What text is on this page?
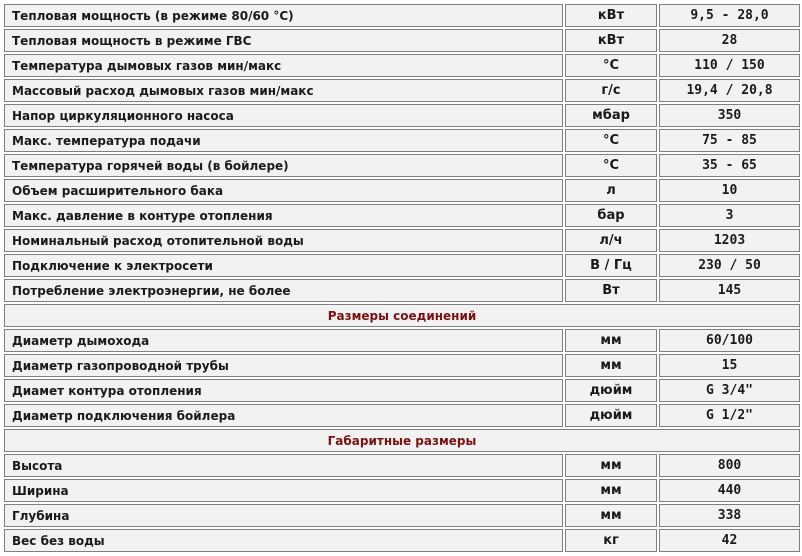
Тепловая мощность (в режиме 80/60 °С)	кВт	9,5 - 28,0
Тепловая мощность в режиме ГВС	кВт	28
Температура дымовых газов мин/макс	°С	110 / 150
Массовый расход дымовых газов мин/макс	г/с	19,4 / 20,8
Напор циркуляционного насоса	мбар	350
Макс. температура подачи	°С	75 - 85
Температура горячей воды (в бойлере)	°С	35 - 65
Объем расширительного бака	л	10
Макс. давление в контуре отопления	бар	3
Номинальный расход отопительной воды	л/ч	1203
Подключение к электросети	В / Гц	230 / 50
Потребление электроэнергии, не более	Вт	145
Размеры соединений		
Диаметр дымохода	мм	60/100
Диаметр газопроводной трубы	мм	15
Диамет контура отопления	дюйм	G 3/4"
Диаметр подключения бойлера	дюйм	G 1/2"
Габаритные размеры		
Высота	мм	800
Ширина	мм	440
Глубина	мм	338
Вес без воды	кг	42
